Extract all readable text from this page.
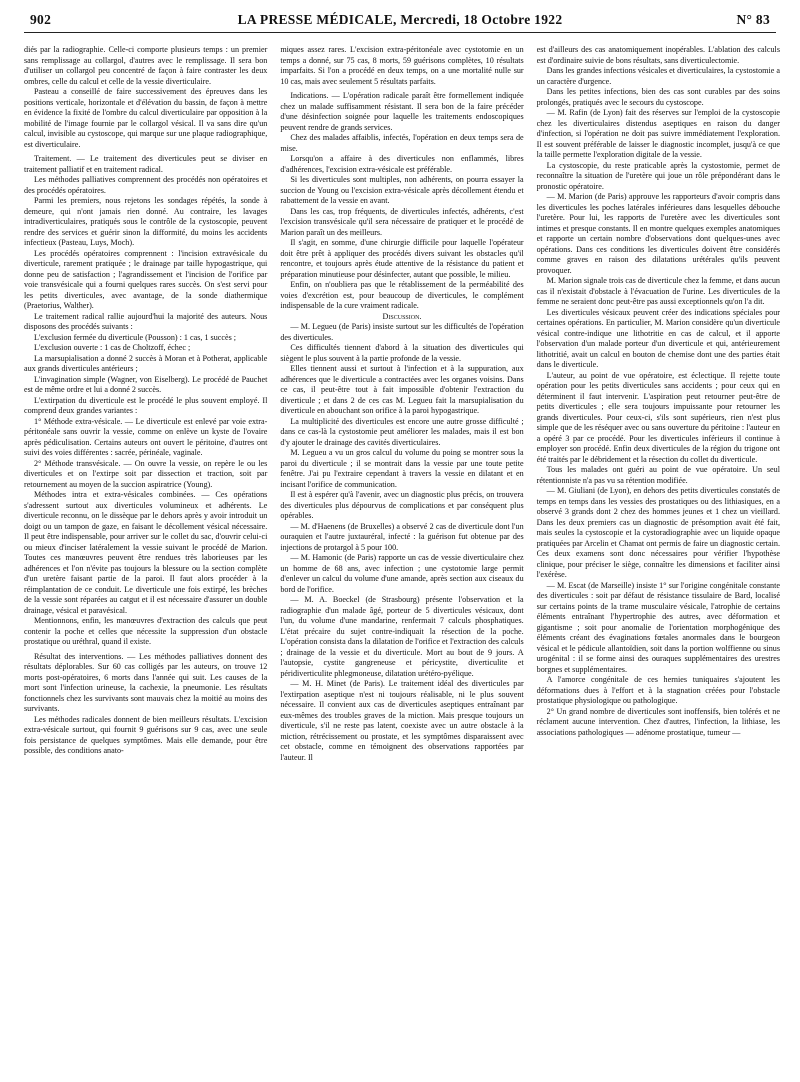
902	LA PRESSE MÉDICALE, Mercredi, 18 Octobre 1922	N° 83

diés par la radiographie. Celle-ci comporte plusieurs temps : un premier sans remplissage au collargol, d'autres avec le remplissage. Il sera bon d'utiliser un collargol peu concentré de façon à faire contraster les deux ombres, celle du calcul et celle de la vessie diverticulaire.

Pasteau a conseillé de faire successivement des épreuves dans les positions verticale, horizontale et d'élévation du bassin, de façon à mettre en évidence la fixité de l'ombre du calcul diverticulaire par opposition à la mobilité de l'image fournie par le collargol vésical. Il va sans dire qu'un calcul, invisible au cystoscope, qui marque sur une plaque radiographique, est diverticulaire.

Traitement. — Le traitement des diverticules peut se diviser en traitement palliatif et en traitement radical.

Les méthodes palliatives comprennent des procédés non opératoires et des procédés opératoires.

Parmi les premiers, nous rejetons les sondages répétés, la sonde à demeure, qui n'ont jamais rien donné. Au contraire, les lavages intradiverticulaires, pratiqués sous le contrôle de la cystoscopie, peuvent rendre des services et guérir sinon la difformité, du moins les accidents infectieux (Pasteau, Luys, Moch).

Les procédés opératoires comprennent : l'incision extravésicale du diverticule, rarement pratiquée ; le drainage par taille hypogastrique, qui donne peu de satisfaction ; l'agrandissement et l'incision de l'orifice par voie transvésicale qui a fourni quelques rares succès. On s'est servi pour les petits diverticules, avec avantage, de la sonde diathermique (Praetorius, Walther).

Le traitement radical rallie aujourd'hui la majorité des auteurs. Nous disposons des procédés suivants :

L'exclusion fermée du diverticule (Pousson) : 1 cas, 1 succès ;

L'exclusion ouverte : 1 cas de Choltzoff, échec ;

La marsupialisation a donné 2 succès à Moran et à Potherat, applicable aux grands diverticules antérieurs ;

L'invagination simple (Wagner, von Eiselberg). Le procédé de Pauchet est de même ordre et lui a donné 2 succès.

L'extirpation du diverticule est le procédé le plus souvent employé. Il comprend deux grandes variantes :

1° Méthode extra-vésicale. — Le diverticule est enlevé par voie extra-péritonéale sans ouvrir la vessie, comme on enlève un kyste de l'ovaire après pédiculisation. Certains auteurs ont ouvert le péritoine, d'autres ont suivi des voies différentes : sacrée, périnéale, vaginale.

2° Méthode transvésicale. — On ouvre la vessie, on repère le ou les diverticules et on l'extirpe soit par dissection et traction, soit par retournement au moyen de la succion aspiratrice (Young).

Méthodes intra et extra-vésicales combinées. — Ces opérations s'adressent surtout aux diverticules volumineux et adhérents. Le diverticule reconnu, on le dissèque par le dehors après y avoir introduit un doigt ou un tampon de gaze, en faisant le décollement vésical nécessaire. Il peut être indispensable, pour arriver sur le collet du sac, d'ouvrir celui-ci ou mieux d'inciser latéralement la vessie suivant le procédé de Marion. Toutes ces manœuvres peuvent être rendues très laborieuses par les adhérences et l'on n'évite pas toujours la blessure ou la section complète d'un uretère faisant partie de la paroi. Il faut alors procéder à la réimplantation de ce conduit. Le diverticule une fois extirpé, les brèches de la vessie sont réparées au catgut et il est nécessaire d'assurer un double drainage, vésical et paravésical.

Mentionnons, enfin, les manœuvres d'extraction des calculs que peut contenir la poche et celles que nécessite la suppression d'un obstacle prostatique ou uréthral, quand il existe.

Résultat des interventions. — Les méthodes palliatives donnent des résultats déplorables. Sur 60 cas colligés par les auteurs, on trouve 12 morts post-opératoires, 6 morts dans l'année qui suit. Les causes de la mort sont l'infection urineuse, la cachexie, la pneumonie. Les résultats fonctionnels chez les survivants sont mauvais chez la moitié au moins des survivants.

Les méthodes radicales donnent de bien meilleurs résultats. L'excision extra-vésicale surtout, qui fournit 9 guérisons sur 9 cas, avec une seule fois persistance de quelques symptômes. Mais elle demande, pour être possible, des conditions anato-

miques assez rares. L'excision extra-péritonéale avec cystotomie en un temps a donné, sur 75 cas, 8 morts, 59 guérisons complètes, 10 résultats imparfaits. Si l'on a procédé en deux temps, on a une mortalité nulle sur 10 cas, mais avec seulement 5 résultats parfaits.

Indications. — L'opération radicale paraît être formellement indiquée chez un malade suffisamment résistant. Il sera bon de la faire précéder d'une désinfection soignée pour laquelle les traitements endoscopiques peuvent rendre de grands services.

Chez des malades affaiblis, infectés, l'opération en deux temps sera de mise.

Lorsqu'on a affaire à des diverticules non enflammés, libres d'adhérences, l'excision extra-vésicale est préférable.

Si les diverticules sont multiples, non adhérents, on pourra essayer la succion de Young ou l'excision extra-vésicale après décollement étendu et rabattement de la vessie en avant.

Dans les cas, trop fréquents, de diverticules infectés, adhérents, c'est l'excision transvésicale qu'il sera nécessaire de pratiquer et le procédé de Marion paraît un des meilleurs.

Il s'agit, en somme, d'une chirurgie difficile pour laquelle l'opérateur doit être prêt à appliquer des procédés divers suivant les obstacles qu'il rencontre, et toujours après étude attentive de la résistance du patient et préparation minutieuse pour désinfecter, autant que possible, le milieu.

Enfin, on n'oubliera pas que le rétablissement de la perméabilité des voies d'excrétion est, pour beaucoup de diverticules, le complément indispensable de la cure vraiment radicale.

Discussion.

— M. Legueu (de Paris) insiste surtout sur les difficultés de l'opération des diverticules.

Ces difficultés tiennent d'abord à la situation des diverticules qui siègent le plus souvent à la partie profonde de la vessie.

Elles tiennent aussi et surtout à l'infection et à la suppuration, aux adhérences que le diverticule a contractées avec les organes voisins. Dans ce cas, il peut-être tout à fait impossible d'obtenir l'extraction du diverticule ; et dans 2 de ces cas M. Legueu fait la marsupialisation du diverticule en abouchant son orifice à la paroi hypogastrique.

La multiplicité des diverticules est encore une autre grosse difficulté ; dans ce cas-là la cystostomie peut améliorer les malades, mais il est bon d'y ajouter le drainage des cavités diverticulaires.

M. Legueu a vu un gros calcul du volume du poing se montrer sous la paroi du diverticule ; il se montrait dans la vessie par une toute petite fenêtre. J'ai pu l'extraire cependant à travers la vessie en dilatant et en incisant l'orifice de communication.

Il est à espérer qu'à l'avenir, avec un diagnostic plus précis, on trouvera des diverticules plus dépourvus de complications et par conséquent plus opérables.

— M. d'Haenens (de Bruxelles) a observé 2 cas de diverticule dont l'un ouraquien et l'autre juxtauréral, infecté : la guérison fut obtenue par des injections de protargol à 5 pour 100.

— M. Hamonic (de Paris) rapporte un cas de vessie diverticulaire chez un homme de 68 ans, avec infection ; une cystotomie large permit d'enlever un calcul du volume d'une amande, après section aux ciseaux du bord de l'orifice.

— M. A. Boeckel (de Strasbourg) présente l'observation et la radiographie d'un malade âgé, porteur de 5 diverticules vésicaux, dont l'un, du volume d'une mandarine, renfermait 7 calculs phosphatiques. L'état précaire du sujet contre-indiquait la résection de la poche. L'opération consista dans la dilatation de l'orifice et l'extraction des calculs ; drainage de la vessie et du diverticule. Mort au bout de 9 jours. A l'autopsie, cystite gangreneuse et péricystite, diverticulite et péridiverticulite phlegmoneuse, dilatation urétéro-pyélique.

— M. H. Minet (de Paris). Le traitement idéal des diverticules par l'extirpation aseptique n'est ni toujours réalisable, ni le plus souvent nécessaire. Il convient aux cas de diverticules aseptiques entraînant par eux-mêmes des troubles graves de la miction. Mais presque toujours un diverticule, s'il ne reste pas latent, coexiste avec un autre obstacle à la miction, rétrécissement ou prostate, et les symptômes disparaissent avec cet obstacle, comme en témoignent des observations rapportées par l'auteur. Il

est d'ailleurs des cas anatomiquement inopérables. L'ablation des calculs est d'ordinaire suivie de bons résultats, sans diverticulectomie.

Dans les grandes infections vésicales et diverticulaires, la cystostomie a un caractère d'urgence.

Dans les petites infections, bien des cas sont curables par des soins prolongés, pratiqués avec le secours du cystoscope.

— M. Rafin (de Lyon) fait des réserves sur l'emploi de la cystoscopie chez les diverticulaires distendus aseptiques en raison du danger d'infection, si l'opération ne doit pas suivre immédiatement l'exploration. Il est souvent préférable de laisser le diagnostic incomplet, jusqu'à ce que la taille permette l'exploration digitale de la vessie.

La cystoscopie, du reste praticable après la cystostomie, permet de reconnaître la situation de l'uretère qui joue un rôle prépondérant dans le pronostic opératoire.

— M. Marion (de Paris) approuve les rapporteurs d'avoir compris dans les diverticules les poches latérales inférieures dans lesquelles débouche l'uretère. Pour lui, les rapports de l'uretère avec les diverticules sont intimes et presque constants. Il en montre quelques exemples anatomiques et rapporte un certain nombre d'observations dont quelques-unes avec opérations. Dans ces conditions les diverticules doivent être considérés comme graves en raison des dilatations urétérales qu'ils peuvent provoquer.

M. Marion signale trois cas de diverticule chez la femme, et dans aucun cas il n'existait d'obstacle à l'évacuation de l'urine. Les diverticules de la femme ne seraient donc peut-être pas aussi exceptionnels qu'on l'a dit.

Les diverticules vésicaux peuvent créer des indications spéciales pour certaines opérations. En particulier, M. Marion considère qu'un diverticule vésical contre-indique une lithotritie en cas de calcul, et il apporte l'observation d'un malade porteur d'un diverticule et qui, antérieurement lithotritié, avait un calcul en bouton de chemise dont une des parties était dans le diverticule.

L'auteur, au point de vue opératoire, est éclectique. Il rejette toute opération pour les petits diverticules sans accidents ; pour ceux qui en déterminent il faut intervenir. L'aspiration peut retourner peut-être de petits diverticules ; elle sera toujours impuissante pour retourner les grands diverticules. Pour ceux-ci, s'ils sont supérieurs, rien n'est plus simple que de les réséquer avec ou sans ouverture du péritoine : l'auteur en a opéré 3 par ce procédé. Pour les diverticules inférieurs il continue à employer son procédé. Enfin deux diverticules de la région du trigone ont été traités par le débridement et la résection du collet du diverticule.

Tous les malades ont guéri au point de vue opératoire. Un seul rétentionniste n'a pas vu sa rétention modifiée.

— M. Giuliani (de Lyon), en dehors des petits diverticules constatés de temps en temps dans les vessies des prostatiques ou des lithiasiques, en a observé 3 grands dont 2 chez des hommes jeunes et 1 chez un vieillard. Dans les deux premiers cas un diagnostic de présomption avait été fait, mais seules la cystoscopie et la cystoradiographie avec un liquide opaque pratiquées par Arcelin et Chamat ont permis de faire un diagnostic certain. Ces deux examens sont donc nécessaires pour vérifier l'hypothèse clinique, pour préciser le siège, connaître les dimensions et faciliter ainsi l'exérèse.

— M. Escat (de Marseille) insiste 1° sur l'origine congénitale constante des diverticules : soit par défaut de résistance tissulaire de Bard, localisé sur certains points de la trame musculaire vésicale, l'atrophie de certains éléments entraînant l'hypertrophie des autres, avec déformation et gigantisme ; soit pour anomalie de l'orientation morphogénique des éléments créant des évaginations fœtales anormales dans le bourgeon vésical et le pédicule allantoïdien, soit dans la portion wolffienne ou sinus urogénital : il se forme ainsi des ouraques supplémentaires des urestres borgnes et supplémentaires.

A l'amorce congénitale de ces hernies tuniquaires s'ajoutent les déformations dues à l'effort et à la stagnation créées pour l'obstacle prostatique physiologique ou pathologique.

2° Un grand nombre de diverticules sont inoffensifs, bien tolérés et ne réclament aucune intervention. Chez d'autres, l'infection, la lithiase, les associations pathologiques — adénome prostatique, tumeur —
